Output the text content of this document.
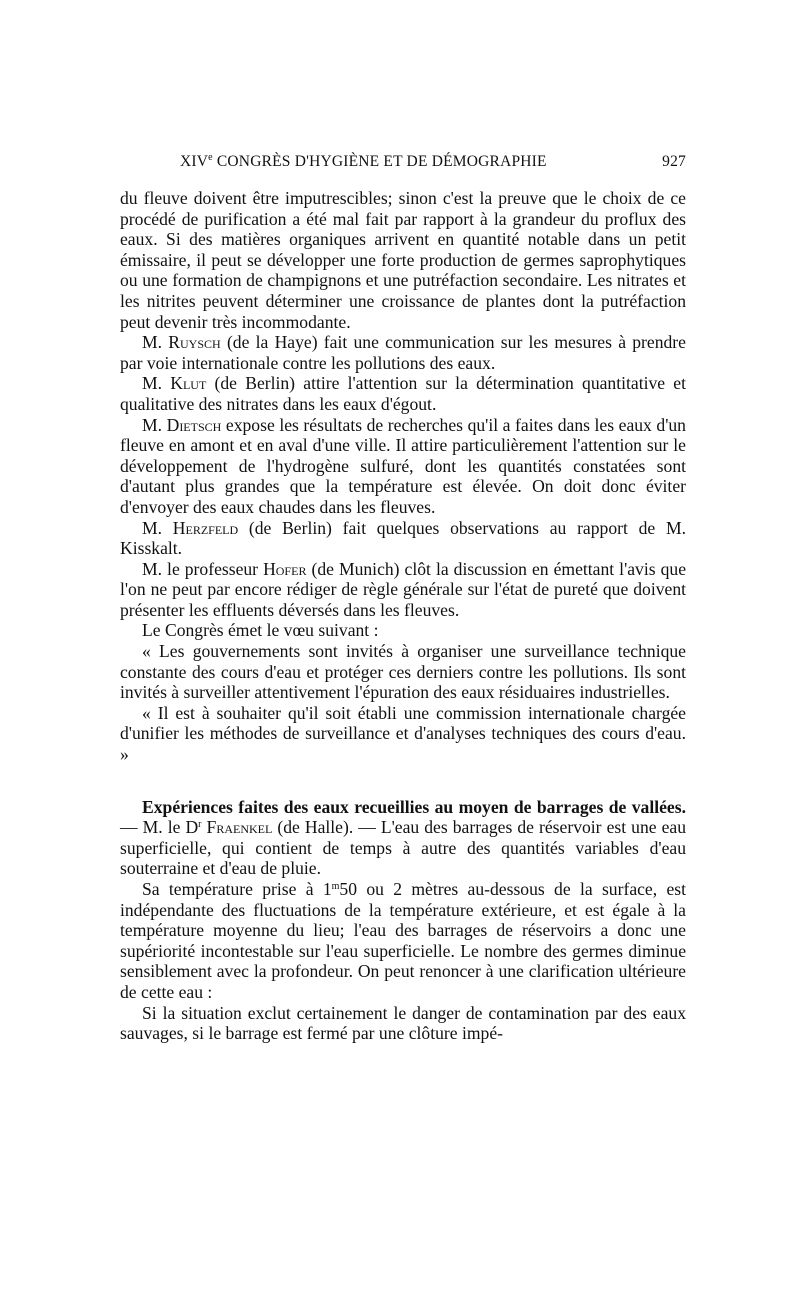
XIVe CONGRÈS D'HYGIÈNE ET DE DÉMOGRAPHIE	927

du fleuve doivent être imputrescibles; sinon c'est la preuve que le choix de ce procédé de purification a été mal fait par rapport à la grandeur du proflux des eaux. Si des matières organiques arrivent en quantité notable dans un petit émissaire, il peut se développer une forte production de germes saprophytiques ou une formation de champignons et une putréfaction secondaire. Les nitrates et les nitrites peuvent déterminer une croissance de plantes dont la putréfaction peut devenir très incommodante.

M. Ruysch (de la Haye) fait une communication sur les mesures à prendre par voie internationale contre les pollutions des eaux.

M. Klut (de Berlin) attire l'attention sur la détermination quantitative et qualitative des nitrates dans les eaux d'égout.

M. Dietsch expose les résultats de recherches qu'il a faites dans les eaux d'un fleuve en amont et en aval d'une ville. Il attire particulièrement l'attention sur le développement de l'hydrogène sulfuré, dont les quantités constatées sont d'autant plus grandes que la température est élevée. On doit donc éviter d'envoyer des eaux chaudes dans les fleuves.

M. Herzfeld (de Berlin) fait quelques observations au rapport de M. Kisskalt.

M. le professeur Hofer (de Munich) clôt la discussion en émettant l'avis que l'on ne peut par encore rédiger de règle générale sur l'état de pureté que doivent présenter les effluents déversés dans les fleuves.

Le Congrès émet le vœu suivant :

« Les gouvernements sont invités à organiser une surveillance technique constante des cours d'eau et protéger ces derniers contre les pollutions. Ils sont invités à surveiller attentivement l'épuration des eaux résiduaires industrielles.

« Il est à souhaiter qu'il soit établi une commission internationale chargée d'unifier les méthodes de surveillance et d'analyses techniques des cours d'eau. »

Expériences faites des eaux recueillies au moyen de barrages de vallées. — M. le $D^r$ Fraenkel (de Halle). — L'eau des barrages de réservoir est une eau superficielle, qui contient de temps à autre des quantités variables d'eau souterraine et d'eau de pluie.

Sa température prise à 1$^m$50 ou 2 mètres au-dessous de la surface, est indépendante des fluctuations de la température extérieure, et est égale à la température moyenne du lieu; l'eau des barrages de réservoirs a donc une supériorité incontestable sur l'eau superficielle. Le nombre des germes diminue sensiblement avec la profondeur. On peut renoncer à une clarification ultérieure de cette eau :

Si la situation exclut certainement le danger de contamination par des eaux sauvages, si le barrage est fermé par une clôture impé-
